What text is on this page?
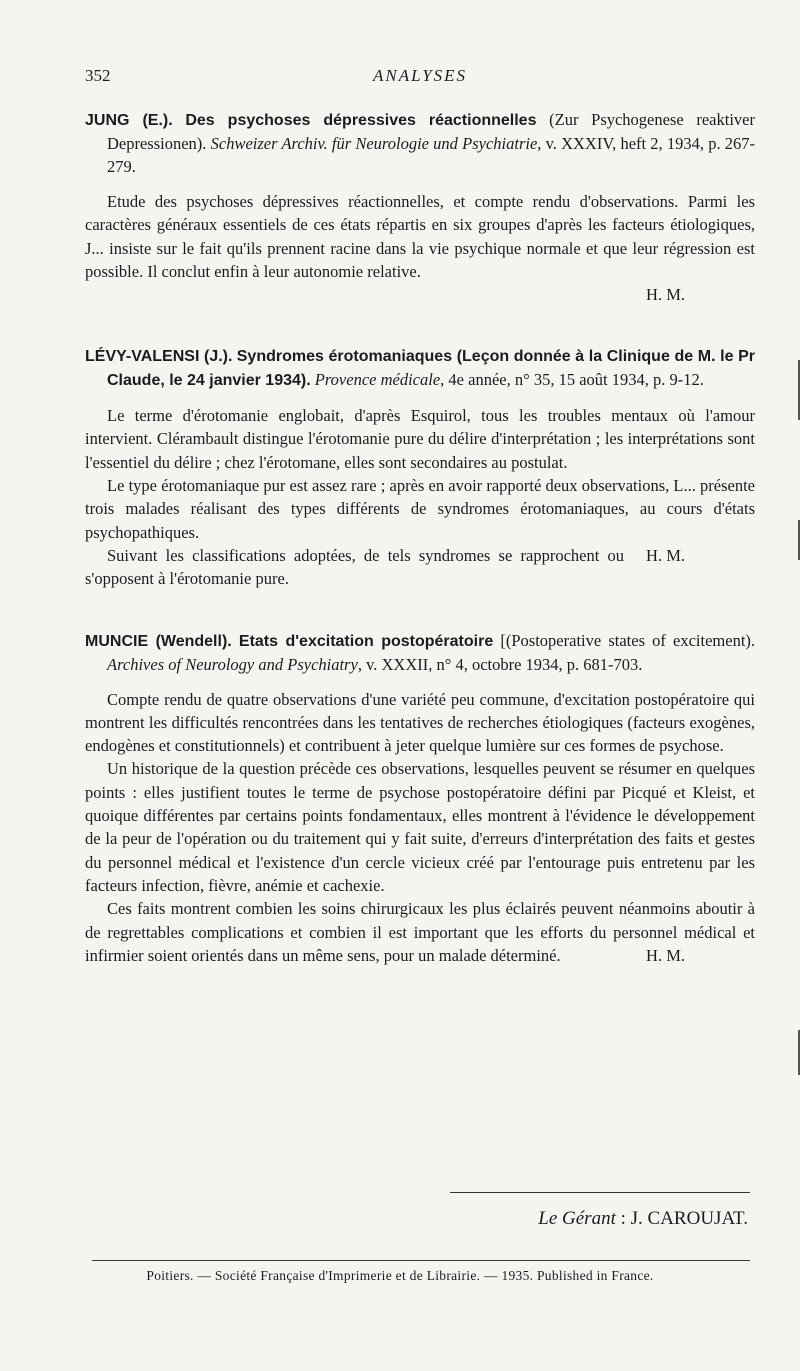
352	ANALYSES
JUNG (E.). Des psychoses dépressives réactionnelles (Zur Psychogenese reaktiver Depressionen). Schweizer Archiv. für Neurologie und Psychiatrie, v. XXXIV, heft 2, 1934, p. 267-279.
Etude des psychoses dépressives réactionnelles, et compte rendu d'observations. Parmi les caractères généraux essentiels de ces états répartis en six groupes d'après les facteurs étiologiques, J... insiste sur le fait qu'ils prennent racine dans la vie psychique normale et que leur régression est possible. Il conclut enfin à leur autonomie relative.
H. M.
LÉVY-VALENSI (J.). Syndromes érotomaniaques (Leçon donnée à la Clinique de M. le Pr Claude, le 24 janvier 1934). Provence médicale, 4e année, n° 35, 15 août 1934, p. 9-12.
Le terme d'érotomanie englobait, d'après Esquirol, tous les troubles mentaux où l'amour intervient. Clérambault distingue l'érotomanie pure du délire d'interprétation ; les interprétations sont l'essentiel du délire ; chez l'érotomane, elles sont secondaires au postulat.
Le type érotomaniaque pur est assez rare ; après en avoir rapporté deux observations, L... présente trois malades réalisant des types différents de syndromes érotomaniaques, au cours d'états psychopathiques.
H. M.
Suivant les classifications adoptées, de tels syndromes se rapprochent ou s'opposent à l'érotomanie pure.
MUNCIE (Wendell). Etats d'excitation postopératoire [(Postoperative states of excitement). Archives of Neurology and Psychiatry, v. XXXII, n° 4, octobre 1934, p. 681-703.
Compte rendu de quatre observations d'une variété peu commune, d'excitation postopératoire qui montrent les difficultés rencontrées dans les tentatives de recherches étiologiques (facteurs exogènes, endogènes et constitutionnels) et contribuent à jeter quelque lumière sur ces formes de psychose.
Un historique de la question précède ces observations, lesquelles peuvent se résumer en quelques points : elles justifient toutes le terme de psychose postopératoire défini par Picqué et Kleist, et quoique différentes par certains points fondamentaux, elles montrent à l'évidence le développement de la peur de l'opération ou du traitement qui y fait suite, d'erreurs d'interprétation des faits et gestes du personnel médical et l'existence d'un cercle vicieux créé par l'entourage puis entretenu par les facteurs infection, fièvre, anémie et cachexie.
Ces faits montrent combien les soins chirurgicaux les plus éclairés peuvent néanmoins aboutir à de regrettables complications et combien il est important que les efforts du personnel médical et infirmier soient orientés dans un même sens, pour un malade déterminé.	H. M.
Le Gérant : J. CAROUJAT.
Poitiers. — Société Française d'Imprimerie et de Librairie. — 1935. Published in France.
